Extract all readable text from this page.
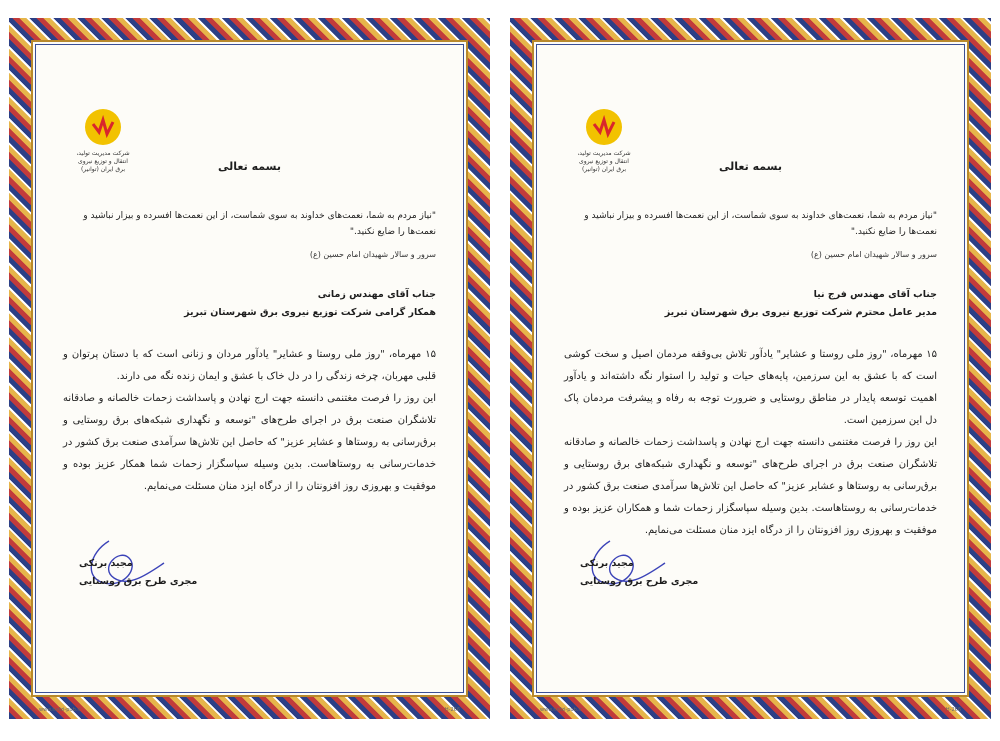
شرکت مدیریت تولید، انتقال و توزیع نیروی برق ایران (توانیر)	بسمه تعالی
"نیاز مردم به شما، نعمت‌های خداوند به سوی شماست، از این نعمت‌ها افسرده و بیزار نباشید و نعمت‌ها را ضایع نکنید."
سرور و سالار شهیدان امام حسین (ع)
جناب آقای مهندس زمانی
همکار گرامی شرکت توزیع نیروی برق شهرستان تبریز

۱۵ مهرماه، "روز ملی روستا و عشایر" یادآور مردان و زنانی است که با دستان پرتوان و قلبی مهربان، چرخه زندگی را در دل خاک با عشق و ایمان زنده نگه می دارند.

این روز را فرصت مغتنمی دانسته جهت ارج نهادن و پاسداشت زحمات خالصانه و صادقانه تلاشگران صنعت برق در اجرای طرح‌های "توسعه و نگهداری شبکه‌های برق روستایی و برق‌رسانی به روستاها و عشایر عزیز" که حاصل این تلاش‌ها سرآمدی صنعت برق کشور در خدمات‌رسانی به روستاهاست. بدین وسیله سپاسگزار زحمات شما همکار عزیز بوده و موفقیت و بهروزی روز افزونتان را از درگاه ایزد منان مسئلت می‌نمایم.

مجید برنکی
مجری طرح برق روستایی
www.hefzi-pub.ir	H-266
شرکت مدیریت تولید، انتقال و توزیع نیروی برق ایران (توانیر)	بسمه تعالی
"نیاز مردم به شما، نعمت‌های خداوند به سوی شماست، از این نعمت‌ها افسرده و بیزار نباشید و نعمت‌ها را ضایع نکنید."
سرور و سالار شهیدان امام حسین (ع)
جناب آقای مهندس فرج نیا
مدیر عامل محترم شرکت توزیع نیروی برق شهرستان تبریز

۱۵ مهرماه، "روز ملی روستا و عشایر" یادآور تلاش بی‌وقفه مردمان اصیل و سخت کوشی است که با عشق به این سرزمین، پایه‌های حیات و تولید را استوار نگه داشته‌اند و یادآور اهمیت توسعه پایدار در مناطق روستایی و ضرورت توجه به رفاه و پیشرفت مردمان پاک دل این سرزمین است.

این روز را فرصت مغتنمی دانسته جهت ارج نهادن و پاسداشت زحمات خالصانه و صادقانه تلاشگران صنعت برق در اجرای طرح‌های "توسعه و نگهداری شبکه‌های برق روستایی و برق‌رسانی به روستاها و عشایر عزیز" که حاصل این تلاش‌ها سرآمدی صنعت برق کشور در خدمات‌رسانی به روستاهاست. بدین وسیله سپاسگزار زحمات شما و همکاران عزیز بوده و موفقیت و بهروزی روز افزونتان را از درگاه ایزد منان مسئلت می‌نمایم.

مجید برنکی
مجری طرح برق روستایی
www.hefzi-pub.ir	H-266
